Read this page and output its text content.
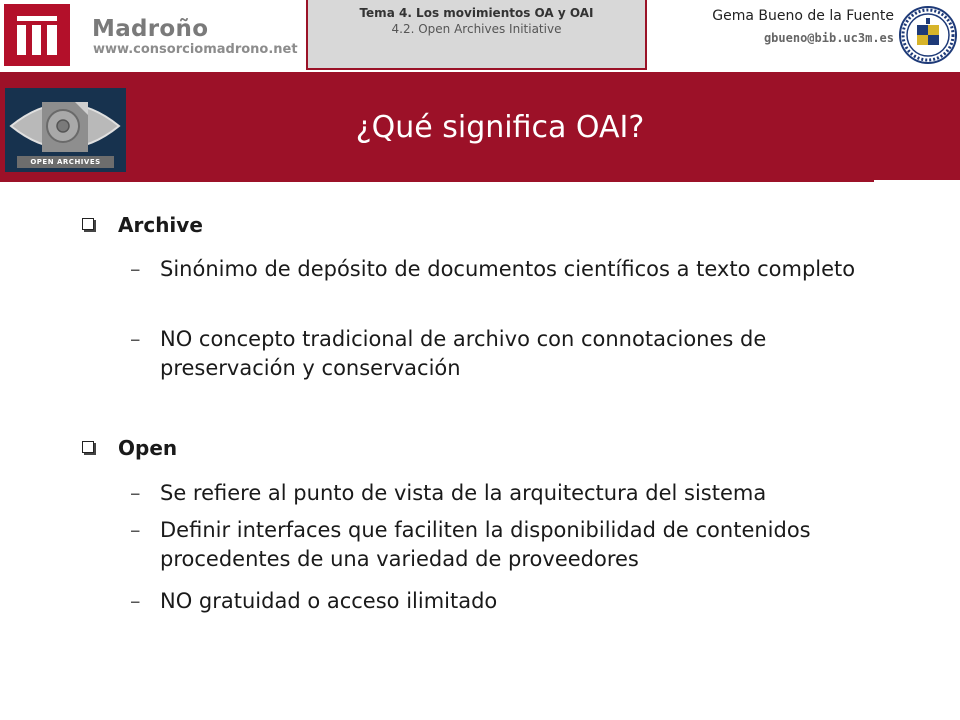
Madroño
www.consorciomadrono.net
Tema 4. Los movimientos OA y OAI
4.2. Open Archives Initiative
Gema Bueno de la Fuente
gbueno@bib.uc3m.es
OPEN ARCHIVES
¿Qué significa OAI?
Archive
– Sinónimo de depósito de documentos científicos a texto completo
– NO concepto tradicional de archivo con connotaciones de preservación y conservación
Open
– Se refiere al punto de vista de la arquitectura del sistema
– Definir interfaces que faciliten la disponibilidad de contenidos procedentes de una variedad de proveedores
– NO gratuidad o acceso ilimitado
